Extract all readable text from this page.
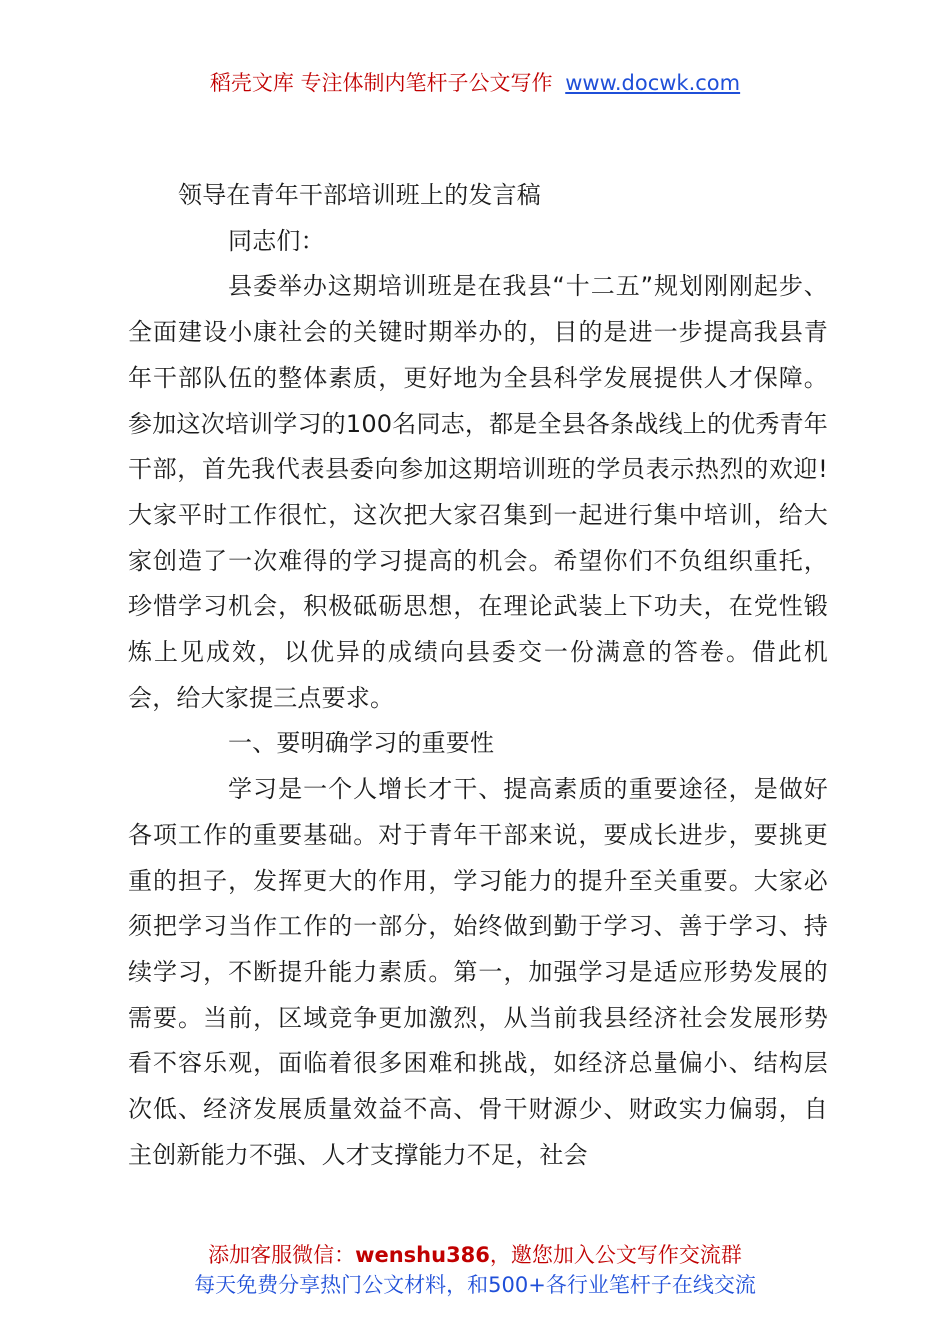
稻壳文库 专注体制内笔杆子公文写作 www.docwk.com

领导在青年干部培训班上的发言稿

同志们：

县委举办这期培训班是在我县“十二五”规划刚刚起步、全面建设小康社会的关键时期举办的，目的是进一步提高我县青年干部队伍的整体素质，更好地为全县科学发展提供人才保障。参加这次培训学习的100名同志，都是全县各条战线上的优秀青年干部，首先我代表县委向参加这期培训班的学员表示热烈的欢迎!大家平时工作很忙，这次把大家召集到一起进行集中培训，给大家创造了一次难得的学习提高的机会。希望你们不负组织重托，珍惜学习机会，积极砥砺思想，在理论武装上下功夫，在党性锻炼上见成效，以优异的成绩向县委交一份满意的答卷。借此机会，给大家提三点要求。

一、要明确学习的重要性

学习是一个人增长才干、提高素质的重要途径，是做好各项工作的重要基础。对于青年干部来说，要成长进步，要挑更重的担子，发挥更大的作用，学习能力的提升至关重要。大家必须把学习当作工作的一部分，始终做到勤于学习、善于学习、持续学习，不断提升能力素质。第一，加强学习是适应形势发展的需要。当前，区域竞争更加激烈，从当前我县经济社会发展形势看不容乐观，面临着很多困难和挑战，如经济总量偏小、结构层次低、经济发展质量效益不高、骨干财源少、财政实力偏弱，自主创新能力不强、人才支撑能力不足，社会

添加客服微信：wenshu386，邀您加入公文写作交流群
每天免费分享热门公文材料，和500+各行业笔杆子在线交流
